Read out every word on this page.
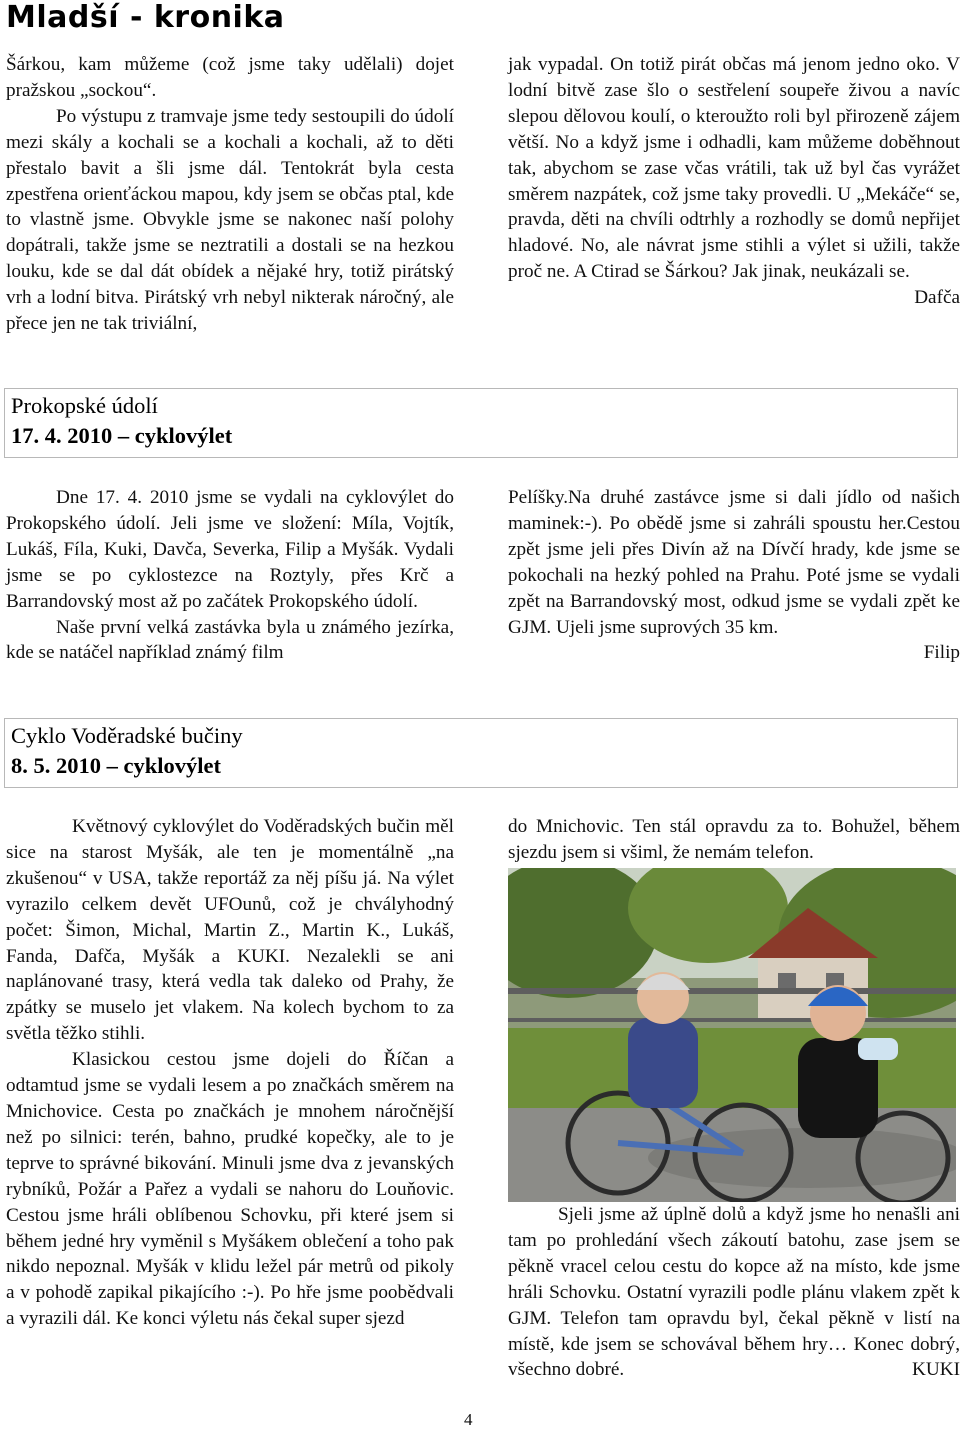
Mladší - kronika

Šárkou, kam můžeme (což jsme taky udělali) dojet pražskou „sockou“.

Po výstupu z tramvaje jsme tedy sestoupili do údolí mezi skály a kochali se a kochali a kochali, až to děti přestalo bavit a šli jsme dál. Tentokrát byla cesta zpestřena orienťáckou mapou, kdy jsem se občas ptal, kde to vlastně jsme. Obvykle jsme se nakonec naší polohy dopátrali, takže jsme se neztratili a dostali se na hezkou louku, kde se dal dát obídek a nějaké hry, totiž pirátský vrh a lodní bitva. Pirátský vrh nebyl nikterak náročný, ale přece jen ne tak triviální,

jak vypadal. On totiž pirát občas má jenom jedno oko. V lodní bitvě zase šlo o sestřelení soupeře živou a navíc slepou dělovou koulí, o kteroužto roli byl přirozeně zájem větší. No a když jsme i odhadli, kam můžeme doběhnout tak, abychom se zase včas vrátili, tak už byl čas vyrážet směrem nazpátek, což jsme taky provedli. U „Mekáče“ se, pravda, děti na chvíli odtrhly a rozhodly se domů nepřijet hladové. No, ale návrat jsme stihli a výlet si užili, takže proč ne. A Ctirad se Šárkou? Jak jinak, neukázali se.

Dafča

Prokopské údolí
17. 4. 2010 – cyklovýlet

Dne 17. 4. 2010 jsme se vydali na cyklovýlet do Prokopského údolí. Jeli jsme ve složení: Míla, Vojtík, Lukáš, Fíla, Kuki, Davča, Severka, Filip a Myšák. Vydali jsme se po cyklostezce na Roztyly, přes Krč a Barrandovský most až po začátek Prokopského údolí.

Naše první velká zastávka byla u známého jezírka, kde se natáčel například známý film

Pelíšky.Na druhé zastávce jsme si dali jídlo od našich maminek:-). Po obědě jsme si zahráli spoustu her.Cestou zpět jsme jeli přes Divín až na Dívčí hrady, kde jsme se pokochali na hezký pohled na Prahu. Poté jsme se vydali zpět na Barrandovský most, odkud jsme se vydali zpět ke GJM. Ujeli jsme suprových 35 km.

Filip

Cyklo Voděradské bučiny
8. 5. 2010 – cyklovýlet

Květnový cyklovýlet do Voděradských bučin měl sice na starost Myšák, ale ten je momentálně „na zkušenou“ v USA, takže reportáž za něj píšu já. Na výlet vyrazilo celkem devět UFOunů, což je chvályhodný počet: Šimon, Michal, Martin Z., Martin K., Lukáš, Fanda, Dafča, Myšák a KUKI. Nezalekli se ani naplánované trasy, která vedla tak daleko od Prahy, že zpátky se muselo jet vlakem. Na kolech bychom to za světla těžko stihli.

Klasickou cestou jsme dojeli do Říčan a odtamtud jsme se vydali lesem a po značkách směrem na Mnichovice. Cesta po značkách je mnohem náročnější než po silnici: terén, bahno, prudké kopečky, ale to je teprve to správné bikování. Minuli jsme dva z jevanských rybníků, Požár a Pařez a vydali se nahoru do Louňovic. Cestou jsme hráli oblíbenou Schovku, při které jsem si během jedné hry vyměnil s Myšákem oblečení a toho pak nikdo nepoznal. Myšák v klidu ležel pár metrů od pikoly a v pohodě zapikal pikajícího :-). Po hře jsme poobědvali a vyrazili dál. Ke konci výletu nás čekal super sjezd

do Mnichovic. Ten stál opravdu za to. Bohužel, během sjezdu jsem si všiml, že nemám telefon.

Sjeli jsme až úplně dolů a když jsme ho nenašli ani tam po prohledání všech zákoutí batohu, zase jsem se pěkně vracel celou cestu do kopce až na místo, kde jsme hráli Schovku. Ostatní vyrazili podle plánu vlakem zpět k GJM. Telefon tam opravdu byl, čekal pěkně v listí na místě, kde jsem se schovával během hry… Konec dobrý, všechno dobré.	KUKI

4
